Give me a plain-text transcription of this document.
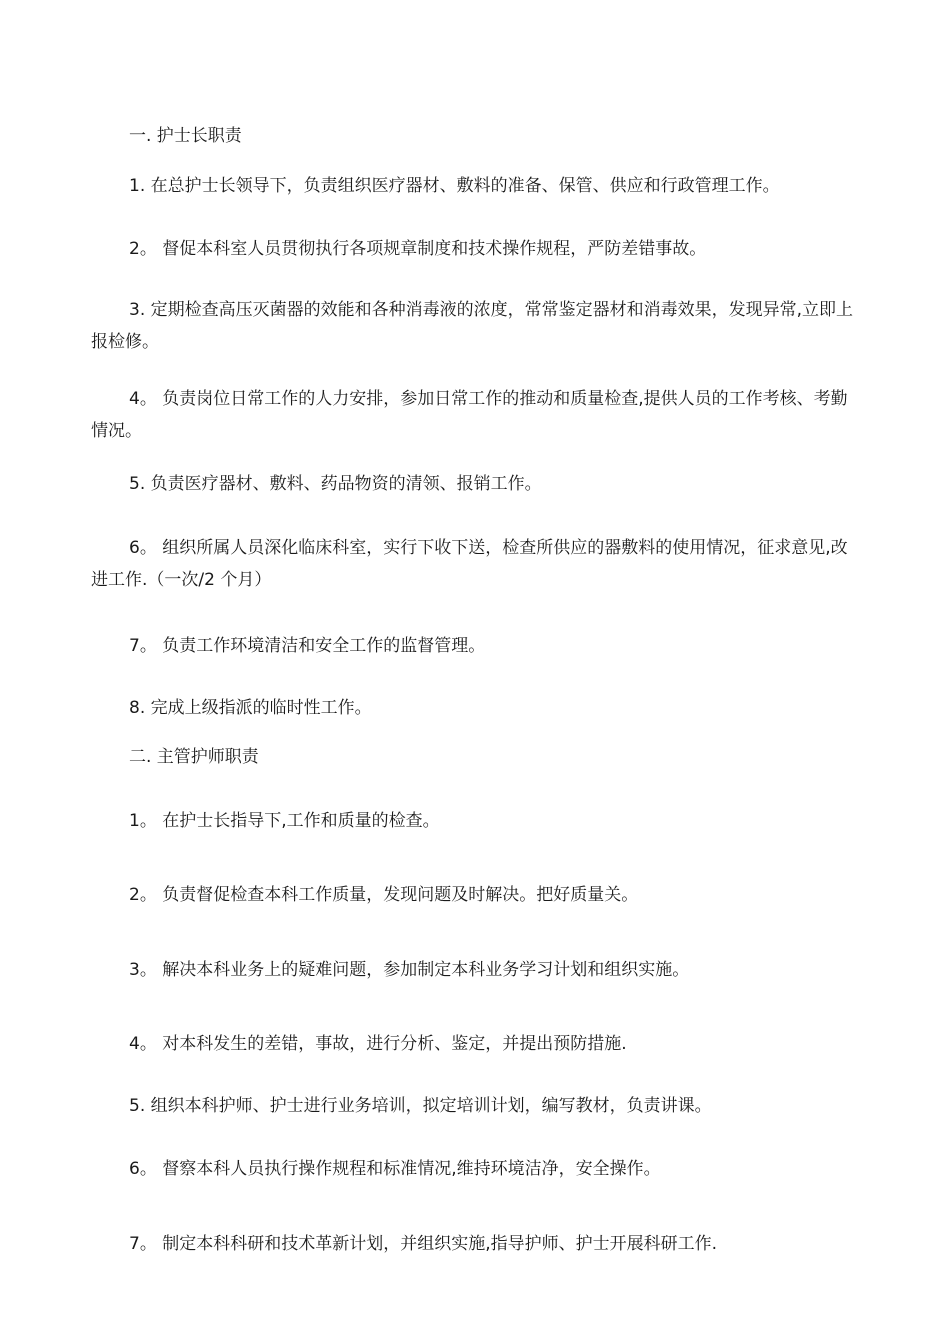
一. 护士长职责

1. 在总护士长领导下，负责组织医疗器材、敷料的准备、保管、供应和行政管理工作。

2。 督促本科室人员贯彻执行各项规章制度和技术操作规程，严防差错事故。

3. 定期检查高压灭菌器的效能和各种消毒液的浓度，常常鉴定器材和消毒效果，发现异常,立即上报检修。

4。 负责岗位日常工作的人力安排，参加日常工作的推动和质量检查,提供人员的工作考核、考勤情况。

5. 负责医疗器材、敷料、药品物资的清领、报销工作。

6。 组织所属人员深化临床科室，实行下收下送，检查所供应的器敷料的使用情况，征求意见,改进工作.（一次/2 个月）

7。 负责工作环境清洁和安全工作的监督管理。

8. 完成上级指派的临时性工作。

二. 主管护师职责

1。 在护士长指导下,工作和质量的检查。

2。 负责督促检查本科工作质量，发现问题及时解决。把好质量关。

3。 解决本科业务上的疑难问题，参加制定本科业务学习计划和组织实施。

4。 对本科发生的差错，事故，进行分析、鉴定，并提出预防措施.

5. 组织本科护师、护士进行业务培训，拟定培训计划，编写教材，负责讲课。

6。 督察本科人员执行操作规程和标准情况,维持环境洁净，安全操作。

7。 制定本科科研和技术革新计划，并组织实施,指导护师、护士开展科研工作.
